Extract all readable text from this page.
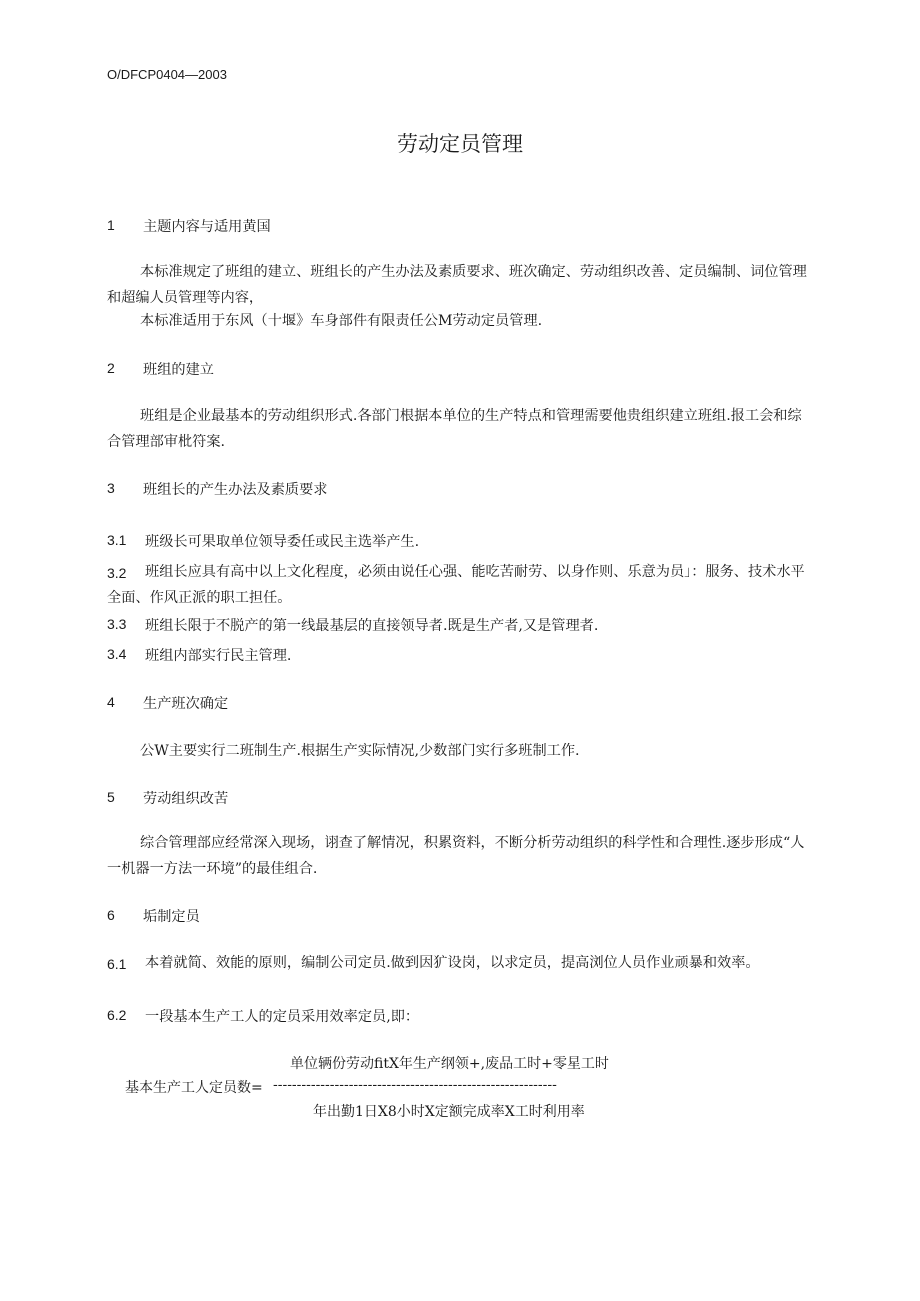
O/DFCP0404—2003
劳动定员管理
1 主题内容与适用黄国
本标准规定了班组的建立、班组长的产生办法及素质要求、班次确定、劳动组织改善、定员编制、词位管理和超编人员管理等内容，
本标准适用于东风（十堰》车身部件有限责任公M劳动定员管理.
2 班组的建立
班组是企业最基本的劳动组织形式.各部门根据本单位的生产特点和管理需要他贵组织建立班组.报工会和综合管理部审枇符案.
3 班组长的产生办法及素质要求
3.1 班级长可果取单位领导委任或民主选举产生.
3.2	班组长应具有高中以上文化程度，必须由说任心强、能吃苦耐劳、以身作则、乐意为员」：服务、技术水平全面、作风正派的职工担任。
3.3 班组长限于不脱产的第一线最基层的直接领导者.既是生产者,又是管理者.
3.4 班组内部实行民主管理.
4 生产班次确定
公W主要实行二班制生产.根据生产实际情况,少数部门实行多班制工作.
5 劳动组织改苦
综合管理部应经常深入现场，诩查了解情况，积累资料，不断分析劳动组织的科学性和合理性.逐步形成“人一机器一方法一环境”的最佳组合.
6 垢制定员
6.1	本着就简、效能的原则，编制公司定员.做到因犷设岗，以求定员，提高浏位人员作业顽暴和效率。
6.2 一段基本生产工人的定员采用效率定员,即：
单位辆份劳动fitX年生产纲领+,废品工时+零星工时
基本生产工人定员数= ------------------------------------------------------------
年出勤1日X8小时X定额完成率X工时利用率
